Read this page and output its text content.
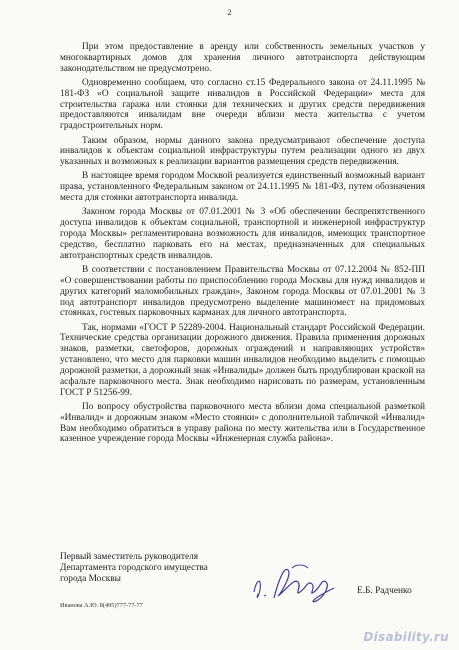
2

При этом предоставление в аренду или собственность земельных участков у многоквартирных домов для хранения личного автотранспорта действующим законодательством не предусмотрено.

Одновременно сообщаем, что согласно ст.15 Федерального закона от 24.11.1995 № 181-ФЗ «О социальной защите инвалидов в Российской Федерации» места для строительства гаража или стоянки для технических и других средств передвижения предоставляются инвалидам вне очереди вблизи места жительства с учетом градостроительных норм.

Таким образом, нормы данного закона предусматривают обеспечение доступа инвалидов к объектам социальной инфраструктуры путем реализации одного из двух указанных и возможных к реализации вариантов размещения средств передвижения.

В настоящее время городом Москвой реализуется единственный возможный вариант права, установленного Федеральным законом от 24.11.1995 № 181-ФЗ, путем обозначения места для стоянки автотранспорта инвалида.

Законом города Москвы от 07.01.2001 № 3 «Об обеспечении беспрепятственного доступа инвалидов к объектам социальной, транспортной и инженерной инфраструктур города Москвы» регламентирована возможность для инвалидов, имеющих транспортное средство, бесплатно парковать его на местах, предназначенных для специальных автотранспортных средств инвалидов.

В соответствии с постановлением Правительства Москвы от 07.12.2004 № 852-ПП «О совершенствовании работы по приспособлению города Москвы для нужд инвалидов и других категорий маломобильных граждан», Законом города Москвы от 07.01.2001 № 3 под автотранспорт инвалидов предусмотрено выделение машиномест на придомовых стоянках, гостевых парковочных карманах для личного автотранспорта.

Так, нормами «ГОСТ Р 52289-2004. Национальный стандарт Российской Федерации. Технические средства организации дорожного движения. Правила применения дорожных знаков, разметки, светофоров, дорожных ограждений и направляющих устройств» установлено, что место для парковки машин инвалидов необходимо выделить с помощью дорожной разметки, а дорожный знак «Инвалиды» должен быть продублирован краской на асфальте парковочного места. Знак необходимо нарисовать по размерам, установленным ГОСТ Р 51256-99.

По вопросу обустройства парковочного места вблизи дома специальной разметкой «Инвалид» и дорожным знаком «Место стоянки» с дополнительной табличкой «Инвалид» Вам необходимо обратиться в управу района по месту жительства или в Государственное казенное учреждение города Москвы «Инженерная служба района».

Первый заместитель руководителя
Департамента городского имущества
города Москвы
Е.Б. Радченко
Иванова А.Ю. 8(495)777-77-77
Disability.ru
